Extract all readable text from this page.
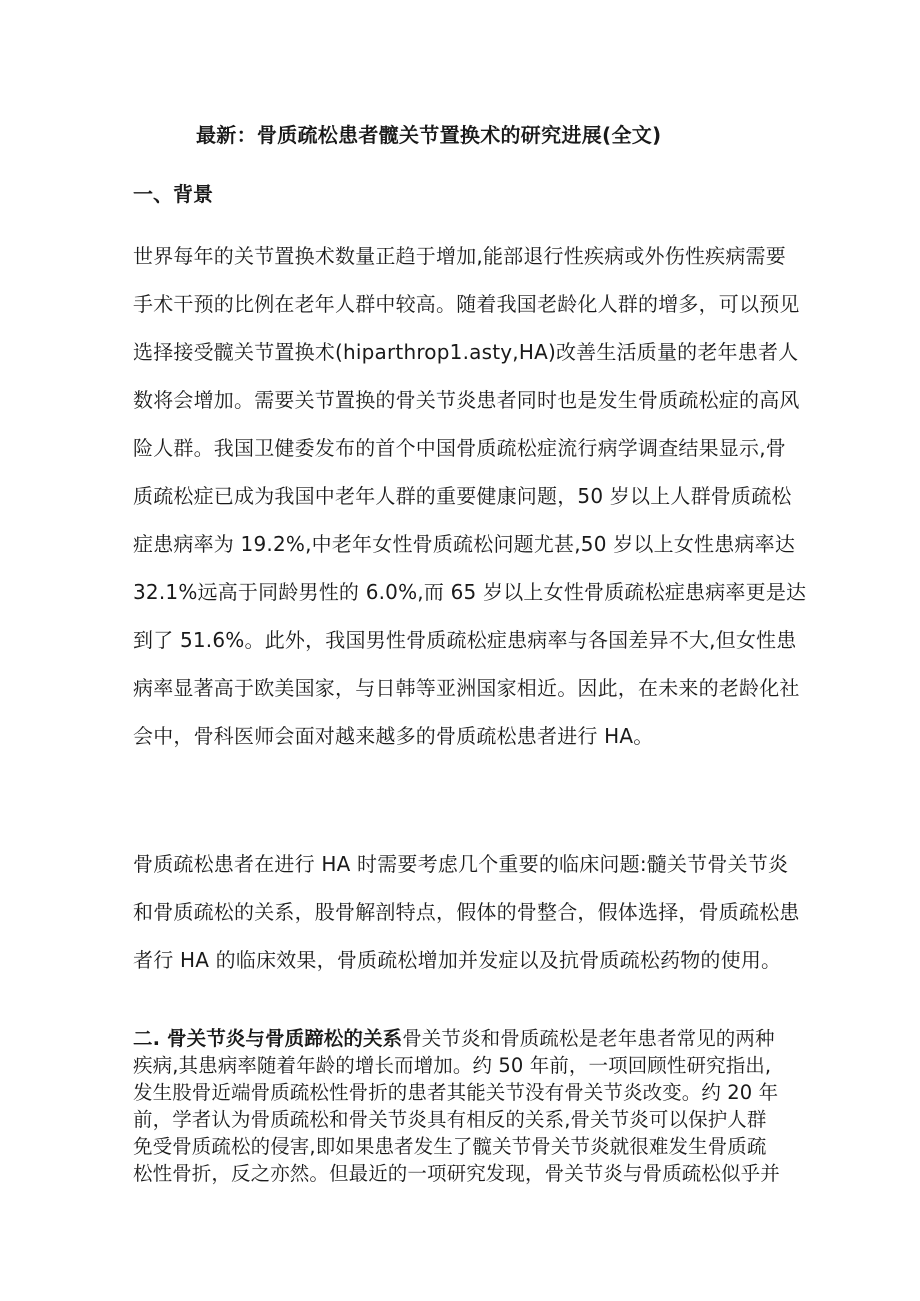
最新：骨质疏松患者髋关节置换术的研究进展(全文)
一、背景
世界每年的关节置换术数量正趋于增加,能部退行性疾病或外伤性疾病需要
手术干预的比例在老年人群中较高。随着我国老龄化人群的增多，可以预见
选择接受髋关节置换术(hiparthrop1.asty,HA)改善生活质量的老年患者人
数将会增加。需要关节置换的骨关节炎患者同时也是发生骨质疏松症的高风
险人群。我国卫健委发布的首个中国骨质疏松症流行病学调查结果显示,骨
质疏松症已成为我国中老年人群的重要健康问题，50 岁以上人群骨质疏松
症患病率为 19.2%,中老年女性骨质疏松问题尤甚,50 岁以上女性患病率达
32.1%远高于同龄男性的 6.0%,而 65 岁以上女性骨质疏松症患病率更是达
到了 51.6%。此外，我国男性骨质疏松症患病率与各国差异不大,但女性患
病率显著高于欧美国家，与日韩等亚洲国家相近。因此，在未来的老龄化社
会中，骨科医师会面对越来越多的骨质疏松患者进行 HA。
骨质疏松患者在进行 HA 时需要考虑几个重要的临床问题:髓关节骨关节炎
和骨质疏松的关系，股骨解剖特点，假体的骨整合，假体选择，骨质疏松患
者行 HA 的临床效果，骨质疏松增加并发症以及抗骨质疏松药物的使用。
二. 骨关节炎与骨质蹄松的关系骨关节炎和骨质疏松是老年患者常见的两种
疾病,其患病率随着年龄的增长而增加。约 50 年前，一项回顾性研究指出,
发生股骨近端骨质疏松性骨折的患者其能关节没有骨关节炎改变。约 20 年
前，学者认为骨质疏松和骨关节炎具有相反的关系,骨关节炎可以保护人群
免受骨质疏松的侵害,即如果患者发生了髋关节骨关节炎就很难发生骨质疏
松性骨折，反之亦然。但最近的一项研究发现，骨关节炎与骨质疏松似乎并
